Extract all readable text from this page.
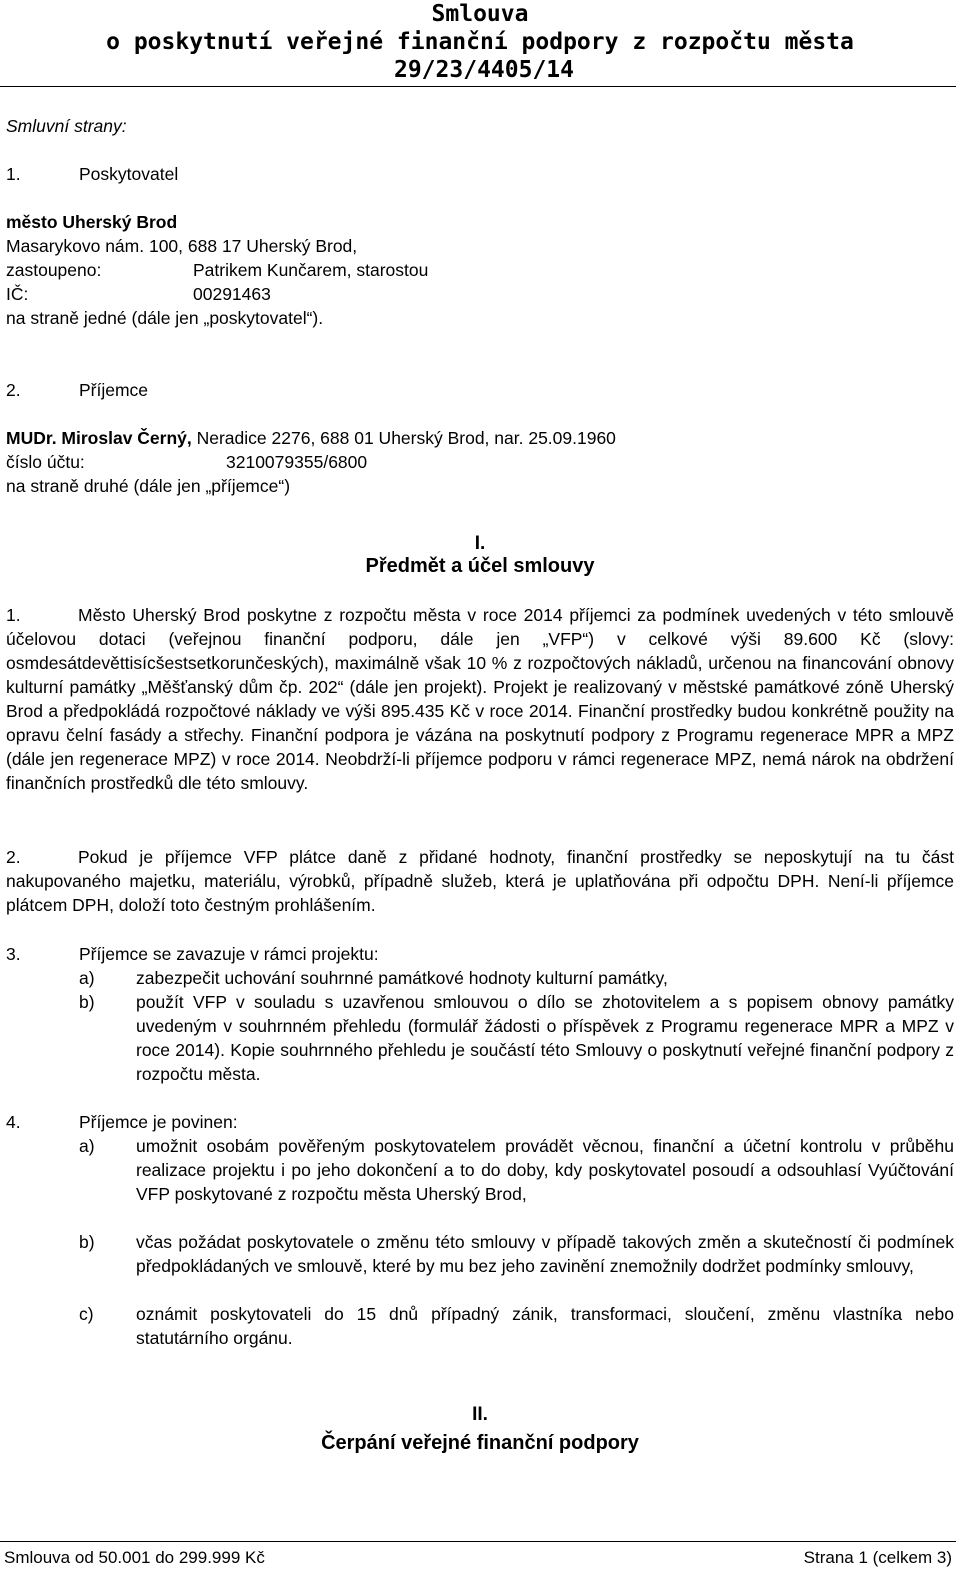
Smlouva
o poskytnutí veřejné finanční podpory z rozpočtu města
29/23/4405/14
Smluvní strany:
1.	Poskytovatel
město Uherský Brod
Masarykovo nám. 100, 688 17 Uherský Brod,
zastoupeno:	Patrikem Kunčarem, starostou
IČ:	00291463
na straně jedné (dále jen „poskytovatel“).
2.	Příjemce
MUDr. Miroslav Černý, Neradice 2276, 688 01 Uherský Brod, nar. 25.09.1960
číslo účtu:	3210079355/6800
na straně druhé (dále jen „příjemce“)
I.
Předmět a účel smlouvy
1.	Město Uherský Brod poskytne z rozpočtu města v roce 2014 příjemci za podmínek uvedených v této smlouvě účelovou dotaci (veřejnou finanční podporu, dále jen „VFP“) v celkové výši 89.600 Kč (slovy: osmdesátdevěttisícšestsetkorunčeských), maximálně však 10 % z rozpočtových nákladů, určenou na financování obnovy kulturní památky „Měšťanský dům čp. 202“ (dále jen projekt). Projekt je realizovaný v městské památkové zóně Uherský Brod a předpokládá rozpočtové náklady ve výši 895.435 Kč v roce 2014. Finanční prostředky budou konkrétně použity na opravu čelní fasády a střechy. Finanční podpora je vázána na poskytnutí podpory z Programu regenerace MPR a MPZ (dále jen regenerace MPZ) v roce 2014. Neobdrží-li příjemce podporu v rámci regenerace MPZ, nemá nárok na obdržení finančních prostředků dle této smlouvy.
2.	Pokud je příjemce VFP plátce daně z přidané hodnoty, finanční prostředky se neposkytují na tu část nakupovaného majetku, materiálu, výrobků, případně služeb, která je uplatňována při odpočtu DPH. Není-li příjemce plátcem DPH, doloží toto čestným prohlášením.
3.	Příjemce se zavazuje v rámci projektu:
a) zabezpečit uchování souhrnné památkové hodnoty kulturní památky,
b) použít VFP v souladu s uzavřenou smlouvou o dílo se zhotovitelem a s popisem obnovy památky uvedeným v souhrnném přehledu (formulář žádosti o příspěvek z Programu regenerace MPR a MPZ v roce 2014). Kopie souhrnného přehledu je součástí této Smlouvy o poskytnutí veřejné finanční podpory z rozpočtu města.
4.	Příjemce je povinen:
a) umožnit osobám pověřeným poskytovatelem provádět věcnou, finanční a účetní kontrolu v průběhu realizace projektu i po jeho dokončení a to do doby, kdy poskytovatel posoudí a odsouhlasí Vyúčtování VFP poskytované z rozpočtu města Uherský Brod,
b) včas požádat poskytovatele o změnu této smlouvy v případě takových změn a skutečností či podmínek předpokládaných ve smlouvě, které by mu bez jeho zavinění znemožnily dodržet podmínky smlouvy,
c) oznámit poskytovateli do 15 dnů případný zánik, transformaci, sloučení, změnu vlastníka nebo statutárního orgánu.
II.
Čerpání veřejné finanční podpory
Smlouva od 50.001 do 299.999 Kč	Strana 1 (celkem 3)
